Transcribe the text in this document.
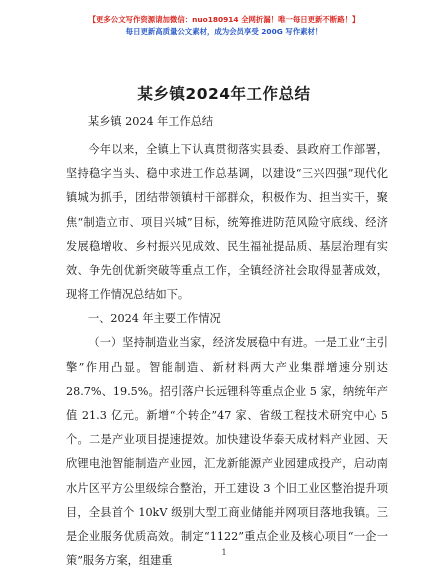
【更多公文写作资源请加微信：nuo180914 全网折漏！唯一每日更新不断路！】
每日更新高质量公文素材，成为会员享受 200G 写作素材！
某乡镇2024年工作总结

某乡镇 2024 年工作总结

今年以来，全镇上下认真贯彻落实县委、县政府工作部署，坚持稳字当头、稳中求进工作总基调，以建设“三兴四强”现代化镇城为抓手，团结带领镇村干部群众，积极作为、担当实干，聚焦“制造立市、项目兴城”目标，统筹推进防范风险守底线、经济发展稳增收、乡村振兴见成效、民生福祉提品质、基层治理有实效、争先创优新突破等重点工作，全镇经济社会取得显著成效，现将工作情况总结如下。

一、2024 年主要工作情况

（一）坚持制造业当家，经济发展稳中有进。一是工业“主引擎”作用凸显。智能制造、新材料两大产业集群增速分别达 28.7%、19.5%。招引落户长远锂科等重点企业 5 家，纳统年产值 21.3 亿元。新增“个转企”47 家、省级工程技术研究中心 5 个。二是产业项目提速提效。加快建设华泰天成材料产业园、天欣锂电池智能制造产业园，汇龙新能源产业园建成投产，启动南水片区平方公里级综合整治，开工建设 3 个旧工业区整治提升项目，全县首个 10kV 级别大型工商业储能并网项目落地我镇。三是企业服务优质高效。制定“1122”重点企业及核心项目“一企一策”服务方案，组建重

1
